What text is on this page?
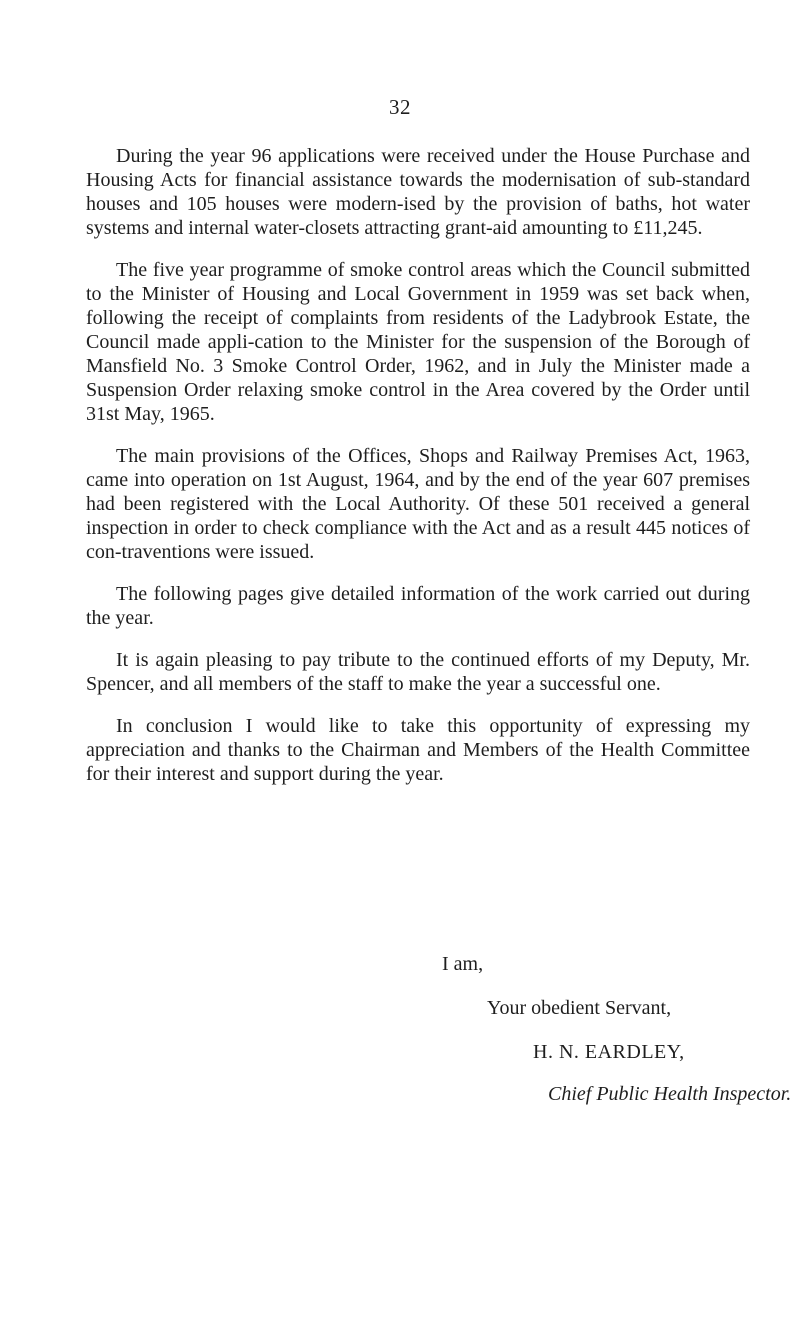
32

During the year 96 applications were received under the House Purchase and Housing Acts for financial assistance towards the modernisation of sub-standard houses and 105 houses were modern-ised by the provision of baths, hot water systems and internal water-closets attracting grant-aid amounting to £11,245.

The five year programme of smoke control areas which the Council submitted to the Minister of Housing and Local Government in 1959 was set back when, following the receipt of complaints from residents of the Ladybrook Estate, the Council made appli-cation to the Minister for the suspension of the Borough of Mansfield No. 3 Smoke Control Order, 1962, and in July the Minister made a Suspension Order relaxing smoke control in the Area covered by the Order until 31st May, 1965.

The main provisions of the Offices, Shops and Railway Premises Act, 1963, came into operation on 1st August, 1964, and by the end of the year 607 premises had been registered with the Local Authority. Of these 501 received a general inspection in order to check compliance with the Act and as a result 445 notices of con-traventions were issued.

The following pages give detailed information of the work carried out during the year.

It is again pleasing to pay tribute to the continued efforts of my Deputy, Mr. Spencer, and all members of the staff to make the year a successful one.

In conclusion I would like to take this opportunity of expressing my appreciation and thanks to the Chairman and Members of the Health Committee for their interest and support during the year.

I am,
Your obedient Servant,
H. N. EARDLEY,
Chief Public Health Inspector.
